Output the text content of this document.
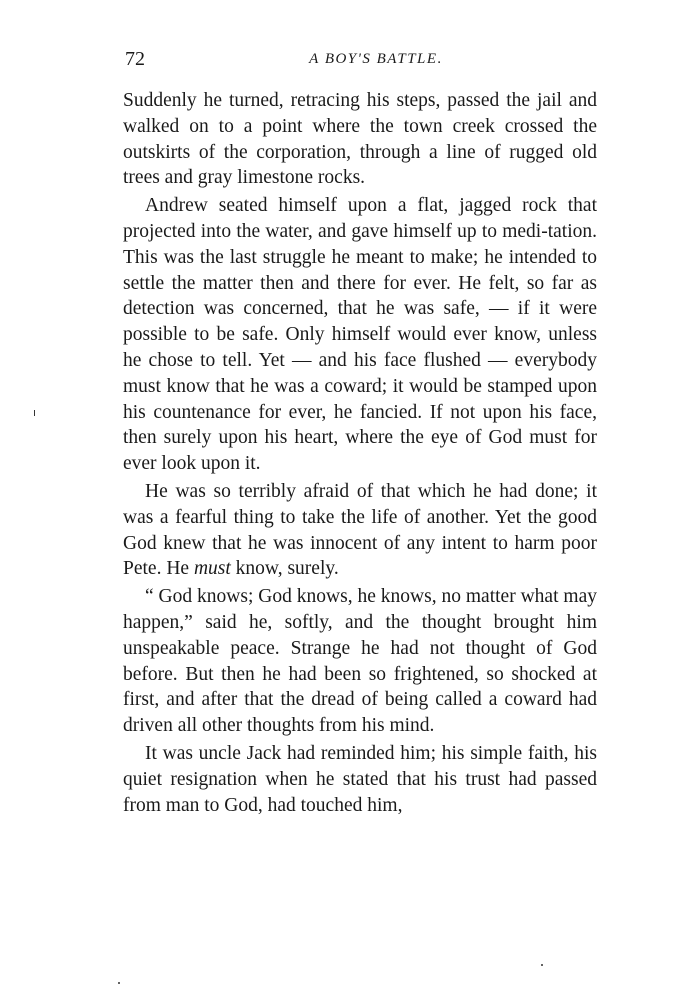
72	A BOY'S BATTLE.

Suddenly he turned, retracing his steps, passed the jail and walked on to a point where the town creek crossed the outskirts of the corporation, through a line of rugged old trees and gray limestone rocks.

Andrew seated himself upon a flat, jagged rock that projected into the water, and gave himself up to medi-tation. This was the last struggle he meant to make; he intended to settle the matter then and there for ever. He felt, so far as detection was concerned, that he was safe, — if it were possible to be safe. Only himself would ever know, unless he chose to tell. Yet — and his face flushed — everybody must know that he was a coward; it would be stamped upon his countenance for ever, he fancied. If not upon his face, then surely upon his heart, where the eye of God must for ever look upon it.

He was so terribly afraid of that which he had done; it was a fearful thing to take the life of another. Yet the good God knew that he was innocent of any intent to harm poor Pete. He must know, surely.

“ God knows; God knows, he knows, no matter what may happen,” said he, softly, and the thought brought him unspeakable peace. Strange he had not thought of God before. But then he had been so frightened, so shocked at first, and after that the dread of being called a coward had driven all other thoughts from his mind.

It was uncle Jack had reminded him; his simple faith, his quiet resignation when he stated that his trust had passed from man to God, had touched him,
